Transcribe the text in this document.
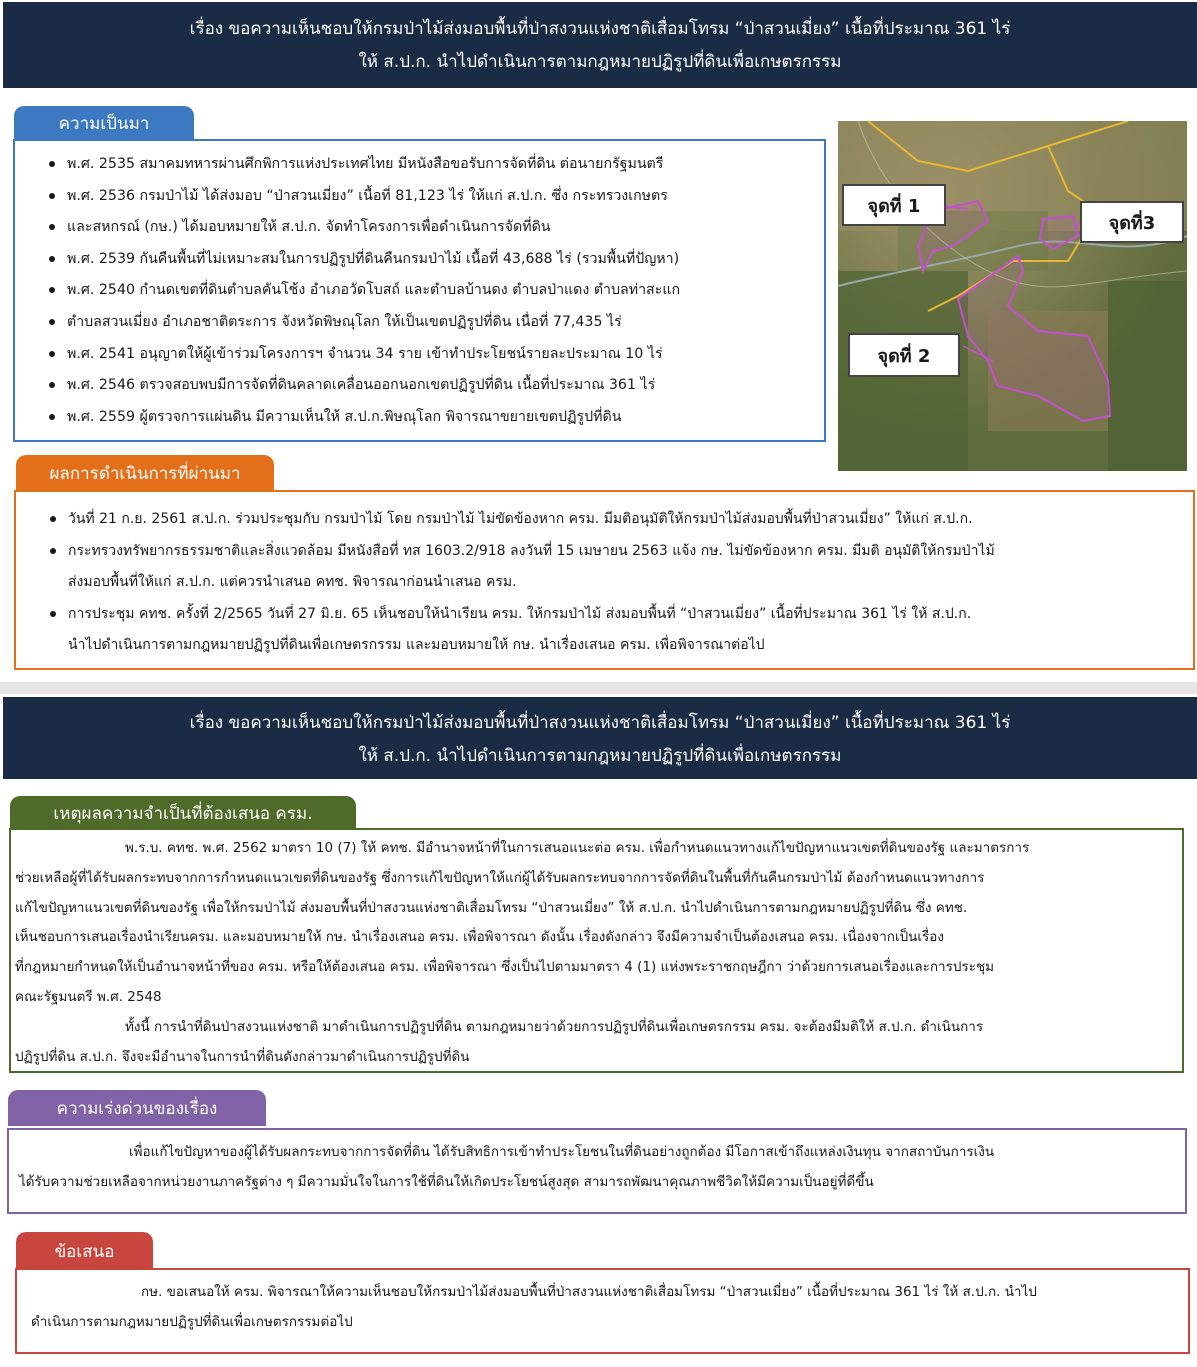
เรื่อง ขอความเห็นชอบให้กรมป่าไม้ส่งมอบพื้นที่ป่าสงวนแห่งชาติเสื่อมโทรม “ป่าสวนเมี่ยง” เนื้อที่ประมาณ 361 ไร่
ให้ ส.ป.ก. นำไปดำเนินการตามกฎหมายปฏิรูปที่ดินเพื่อเกษตรกรรม
ความเป็นมา
พ.ศ. 2535 สมาคมทหารผ่านศึกพิการแห่งประเทศไทย มีหนังสือขอรับการจัดที่ดิน ต่อนายกรัฐมนตรี
พ.ศ. 2536 กรมป่าไม้ ได้ส่งมอบ “ป่าสวนเมี่ยง” เนื้อที่ 81,123 ไร่ ให้แก่ ส.ป.ก. ซึ่ง กระทรวงเกษตร
และสหกรณ์ (กษ.) ได้มอบหมายให้ ส.ป.ก. จัดทำโครงการเพื่อดำเนินการจัดที่ดิน
พ.ศ. 2539 กันคืนพื้นที่ไม่เหมาะสมในการปฏิรูปที่ดินคืนกรมป่าไม้ เนื้อที่ 43,688 ไร่ (รวมพื้นที่ปัญหา)
พ.ศ. 2540 กำนดเขตที่ดินตำบลคันโช้ง อำเภอวัดโบสถ์ และตำบลบ้านดง ตำบลป่าแดง ตำบลท่าสะแก
ตำบลสวนเมี่ยง อำเภอชาติตระการ จังหวัดพิษณุโลก ให้เป็นเขตปฏิรูปที่ดิน เนื่อที่ 77,435 ไร่
พ.ศ. 2541 อนุญาตให้ผู้เข้าร่วมโครงการฯ จำนวน 34 ราย เข้าทำประโยชน์รายละประมาณ 10 ไร่
พ.ศ. 2546 ตรวจสอบพบมีการจัดที่ดินคลาดเคลื่อนออกนอกเขตปฏิรูปที่ดิน เนื้อที่ประมาณ 361 ไร่
พ.ศ. 2559 ผู้ตรวจการแผ่นดิน มีความเห็นให้ ส.ป.ก.พิษณุโลก พิจารณาขยายเขตปฏิรูปที่ดิน
จุดที่ 1
จุดที่3
จุดที่ 2
ผลการดำเนินการที่ผ่านมา
วันที่ 21 ก.ย. 2561 ส.ป.ก. ร่วมประชุมกับ กรมป่าไม้ โดย กรมป่าไม้ ไม่ขัดข้องหาก ครม. มีมติอนุมัติให้กรมป่าไม้ส่งมอบพื้นที่ป่าสวนเมี่ยง” ให้แก่ ส.ป.ก.
กระทรวงทรัพยากรธรรมชาติและสิ่งแวดล้อม มีหนังสือที่ ทส 1603.2/918 ลงวันที่ 15 เมษายน 2563 แจ้ง กษ. ไม่ขัดข้องหาก ครม. มีมติ อนุมัติให้กรมป่าไม้
ส่งมอบพื้นที่ให้แก่ ส.ป.ก. แต่ควรนำเสนอ คทช. พิจารณาก่อนนำเสนอ ครม.
การประชุม คทช. ครั้งที่ 2/2565 วันที่ 27 มิ.ย. 65 เห็นชอบให้นำเรียน ครม. ให้กรมป่าไม้ ส่งมอบพื้นที่ “ป่าสวนเมี่ยง” เนื้อที่ประมาณ 361 ไร่ ให้ ส.ป.ก.
นำไปดำเนินการตามกฎหมายปฏิรูปที่ดินเพื่อเกษตรกรรม และมอบหมายให้ กษ. นำเรื่องเสนอ ครม. เพื่อพิจารณาต่อไป
เรื่อง ขอความเห็นชอบให้กรมป่าไม้ส่งมอบพื้นที่ป่าสงวนแห่งชาติเสื่อมโทรม “ป่าสวนเมี่ยง” เนื้อที่ประมาณ 361 ไร่
ให้ ส.ป.ก. นำไปดำเนินการตามกฎหมายปฏิรูปที่ดินเพื่อเกษตรกรรม
เหตุผลความจำเป็นที่ต้องเสนอ ครม.

พ.ร.บ. คทช. พ.ศ. 2562 มาตรา 10 (7) ให้ คทช. มีอำนาจหน้าที่ในการเสนอแนะต่อ ครม. เพื่อกำหนดแนวทางแก้ไขปัญหาแนวเขตที่ดินของรัฐ และมาตรการ

ช่วยเหลือผู้ที่ได้รับผลกระทบจากการกำหนดแนวเขตที่ดินของรัฐ ซึ่งการแก้ไขปัญหาให้แก่ผู้ได้รับผลกระทบจากการจัดที่ดินในพื้นที่กันคืนกรมป่าไม้ ต้องกำหนดแนวทางการ

แก้ไขปัญหาแนวเขตที่ดินของรัฐ เพื่อให้กรมป่าไม้ ส่งมอบพื้นที่ป่าสงวนแห่งชาติเสื่อมโทรม “ป่าสวนเมี่ยง” ให้ ส.ป.ก. นำไปดำเนินการตามกฎหมายปฏิรูปที่ดิน ซึ่ง คทช.

เห็นชอบการเสนอเรื่องนำเรียนครม. และมอบหมายให้ กษ. นำเรื่องเสนอ ครม. เพื่อพิจารณา ดังนั้น เรื่องดังกล่าว จึงมีความจำเป็นต้องเสนอ ครม. เนื่องจากเป็นเรื่อง

ที่กฎหมายกำหนดให้เป็นอำนาจหน้าที่ของ ครม. หรือให้ต้องเสนอ ครม. เพื่อพิจารณา ซึ่งเป็นไปตามมาตรา 4 (1) แห่งพระราชกฤษฎีกา ว่าด้วยการเสนอเรื่องและการประชุม

คณะรัฐมนตรี พ.ศ. 2548

ทั้งนี้ การนำที่ดินป่าสงวนแห่งชาติ มาดำเนินการปฏิรูปที่ดิน ตามกฎหมายว่าด้วยการปฏิรูปที่ดินเพื่อเกษตรกรรม ครม. จะต้องมีมติให้ ส.ป.ก. ดำเนินการ

ปฏิรูปที่ดิน ส.ป.ก. จึงจะมีอำนาจในการนำที่ดินดังกล่าวมาดำเนินการปฏิรูปที่ดิน

ความเร่งด่วนของเรื่อง

เพื่อแก้ไขปัญหาของผู้ได้รับผลกระทบจากการจัดที่ดิน ได้รับสิทธิการเข้าทำประโยชนในที่ดินอย่างถูกต้อง มีโอกาสเข้าถึงแหล่งเงินทุน จากสถาบันการเงิน

ได้รับความช่วยเหลือจากหน่วยงานภาครัฐต่าง ๆ มีความมั่นใจในการใช้ที่ดินให้เกิดประโยชน์สูงสุด สามารถพัฒนาคุณภาพชีวิตให้มีความเป็นอยู่ที่ดีขึ้น

ข้อเสนอ

กษ. ขอเสนอให้ ครม. พิจารณาให้ความเห็นชอบให้กรมป่าไม้ส่งมอบพื้นที่ป่าสงวนแห่งชาติเสื่อมโทรม “ป่าสวนเมี่ยง” เนื้อที่ประมาณ 361 ไร่ ให้ ส.ป.ก. นำไป

ดำเนินการตามกฎหมายปฏิรูปที่ดินเพื่อเกษตรกรรมต่อไป
